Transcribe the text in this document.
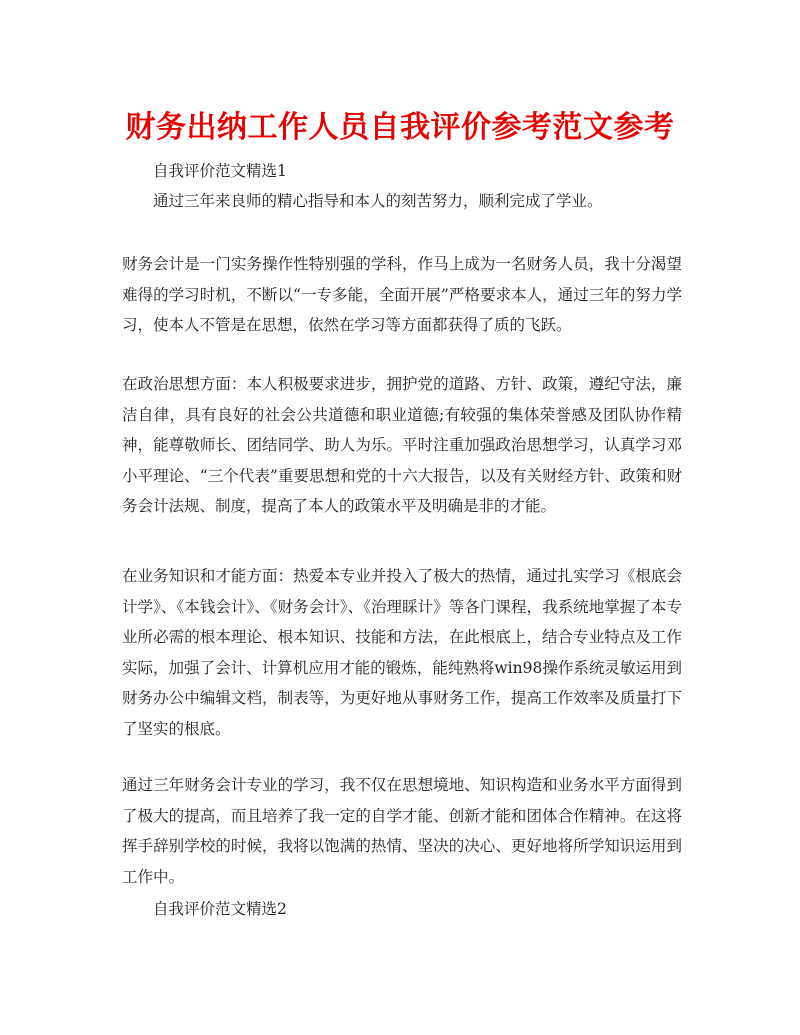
财务出纳工作人员自我评价参考范文参考
自我评价范文精选1
通过三年来良师的精心指导和本人的刻苦努力，顺利完成了学业。
财务会计是一门实务操作性特别强的学科，作马上成为一名财务人员，我十分渴望难得的学习时机，不断以“一专多能，全面开展”严格要求本人，通过三年的努力学习，使本人不管是在思想，依然在学习等方面都获得了质的飞跃。
在政治思想方面：本人积极要求进步，拥护党的道路、方针、政策，遵纪守法，廉洁自律，具有良好的社会公共道德和职业道德;有较强的集体荣誉感及团队协作精神，能尊敬师长、团结同学、助人为乐。平时注重加强政治思想学习，认真学习邓小平理论、“三个代表”重要思想和党的十六大报告，以及有关财经方针、政策和财务会计法规、制度，提高了本人的政策水平及明确是非的才能。
在业务知识和才能方面：热爱本专业并投入了极大的热情，通过扎实学习《根底会计学》、《本钱会计》、《财务会计》、《治理睬计》等各门课程，我系统地掌握了本专业所必需的根本理论、根本知识、技能和方法，在此根底上，结合专业特点及工作实际，加强了会计、计算机应用才能的锻炼，能纯熟将win98操作系统灵敏运用到财务办公中编辑文档，制表等，为更好地从事财务工作，提高工作效率及质量打下了坚实的根底。
通过三年财务会计专业的学习，我不仅在思想境地、知识构造和业务水平方面得到了极大的提高，而且培养了我一定的自学才能、创新才能和团体合作精神。在这将挥手辞别学校的时候，我将以饱满的热情、坚决的决心、更好地将所学知识运用到工作中。
自我评价范文精选2
